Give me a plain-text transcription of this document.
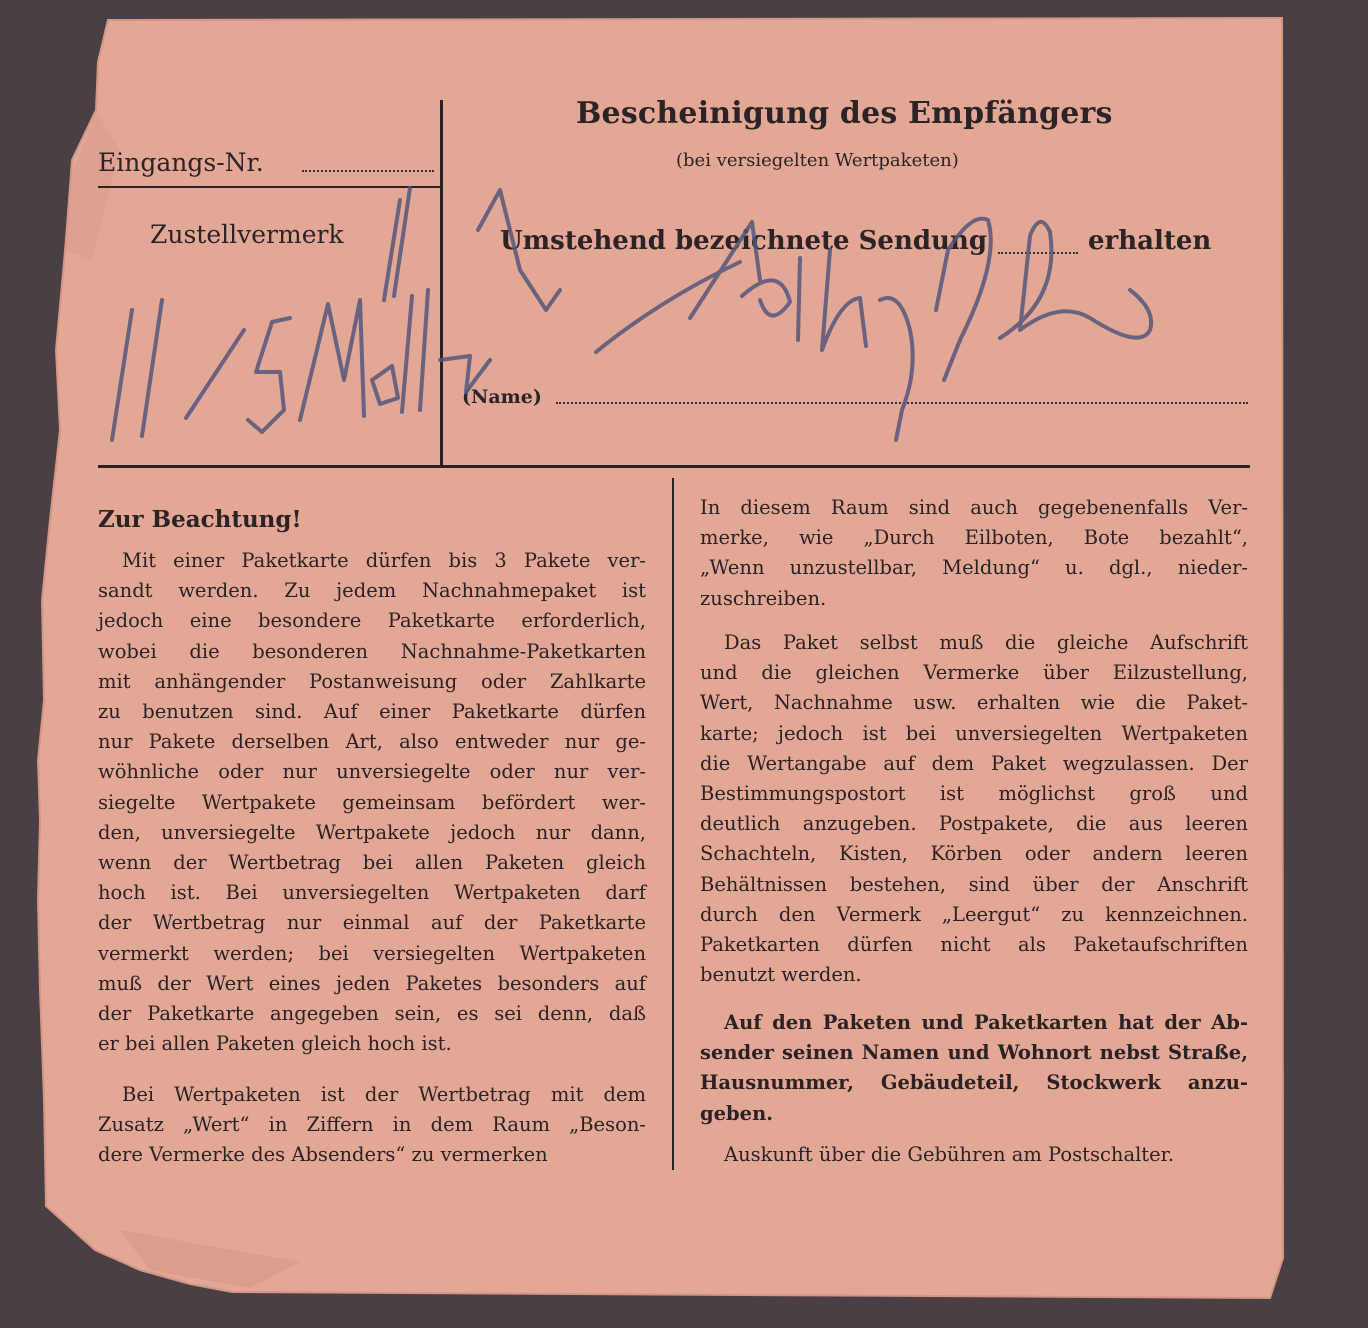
Eingangs-Nr.
Zustellvermerk
Bescheinigung des Empfängers
(bei versiegelten Wertpaketen)
Umstehend bezeichnete Sendung	erhalten
(Name)
Zur Beachtung!
Mit einer Paketkarte dürfen bis 3 Pakete ver-
sandt werden. Zu jedem Nachnahmepaket ist
jedoch eine besondere Paketkarte erforderlich,
wobei die besonderen Nachnahme-Paketkarten
mit anhängender Postanweisung oder Zahlkarte
zu benutzen sind. Auf einer Paketkarte dürfen
nur Pakete derselben Art, also entweder nur ge-
wöhnliche oder nur unversiegelte oder nur ver-
siegelte Wertpakete gemeinsam befördert wer-
den, unversiegelte Wertpakete jedoch nur dann,
wenn der Wertbetrag bei allen Paketen gleich
hoch ist. Bei unversiegelten Wertpaketen darf
der Wertbetrag nur einmal auf der Paketkarte
vermerkt werden; bei versiegelten Wertpaketen
muß der Wert eines jeden Paketes besonders auf
der Paketkarte angegeben sein, es sei denn, daß
er bei allen Paketen gleich hoch ist.
Bei Wertpaketen ist der Wertbetrag mit dem
Zusatz „Wert“ in Ziffern in dem Raum „Beson-
dere Vermerke des Absenders“ zu vermerken
In diesem Raum sind auch gegebenenfalls Ver-
merke, wie „Durch Eilboten, Bote bezahlt“,
„Wenn unzustellbar, Meldung“ u. dgl., nieder-
zuschreiben.
Das Paket selbst muß die gleiche Aufschrift
und die gleichen Vermerke über Eilzustellung,
Wert, Nachnahme usw. erhalten wie die Paket-
karte; jedoch ist bei unversiegelten Wertpaketen
die Wertangabe auf dem Paket wegzulassen. Der
Bestimmungspostort ist möglichst groß und
deutlich anzugeben. Postpakete, die aus leeren
Schachteln, Kisten, Körben oder andern leeren
Behältnissen bestehen, sind über der Anschrift
durch den Vermerk „Leergut“ zu kennzeichnen.
Paketkarten dürfen nicht als Paketaufschriften
benutzt werden.
Auf den Paketen und Paketkarten hat der Ab-
sender seinen Namen und Wohnort nebst Straße,
Hausnummer, Gebäudeteil, Stockwerk anzu-
geben.
Auskunft über die Gebühren am Postschalter.
